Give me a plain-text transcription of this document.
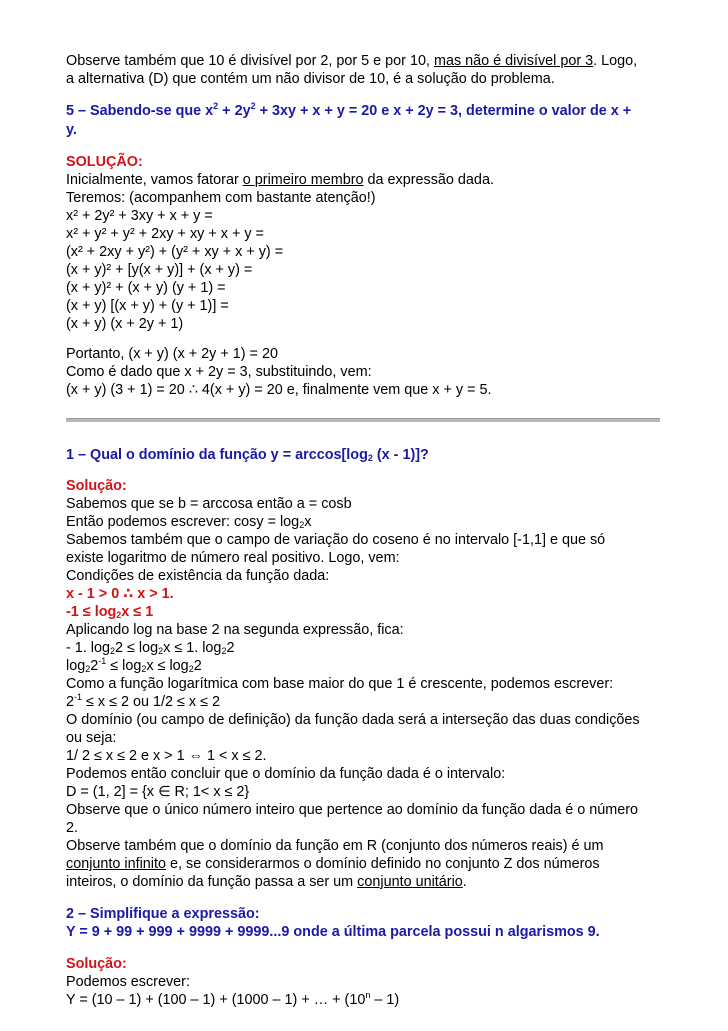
Observe também que 10 é divisível por 2, por 5 e por 10, mas não é divisível por 3. Logo,
a alternativa (D) que contém um não divisor de 10, é a solução do problema.
5 – Sabendo-se que $x^2 + 2y^2 + 3xy + x + y = 20$ e x + 2y = 3, determine o valor de x +
y.
SOLUÇÃO:
Inicialmente, vamos fatorar o primeiro membro da expressão dada.
Teremos: (acompanhem com bastante atenção!)
x² + 2y² + 3xy + x + y =
x² + y² + y² + 2xy + xy + x + y =
(x² + 2xy + y²) + (y² + xy + x + y) =
(x + y)² + [y(x + y)] + (x + y) =
(x + y)² + (x + y) (y + 1) =
(x + y) [(x + y) + (y + 1)] =
(x + y) (x + 2y + 1)
Portanto, (x + y) (x + 2y + 1) = 20
Como é dado que x + 2y = 3, substituindo, vem:
(x + y) (3 + 1) = 20 ∴ 4(x + y) = 20 e, finalmente vem que x + y = 5.
1 – Qual o domínio da função $y = \arccos[\log_2$ (x - 1)]?
Solução:
Sabemos que se b = arccosa então a = cosb
Então podemos escrever: $\cos y = \log_2x$
Sabemos também que o campo de variação do coseno é no intervalo [-1,1] e que só
existe logaritmo de número real positivo. Logo, vem:
Condições de existência da função dada:
x - 1 > 0 ∴ x > 1.
$-1 \le \log_2x \le 1$
Aplicando log na base 2 na segunda expressão, fica:
- 1. $\log_22 \le \log_2x \le 1$. $\log_22$
$\log_22^{-1} \le \log_2x \le \log_22$
Como a função logarítmica com base maior do que 1 é crescente, podemos escrever:
$2^{-1} \le x \le 2$ ou 1/2 ≤ x ≤ 2
O domínio (ou campo de definição) da função dada será a interseção das duas condições
ou seja:
1/ 2 ≤ x ≤ 2 e x > 1 ⇔ 1 < x ≤ 2.
Podemos então concluir que o domínio da função dada é o intervalo:
D = (1, 2] = {x ∈ R; 1< x ≤ 2}
Observe que o único número inteiro que pertence ao domínio da função dada é o número
2.
Observe também que o domínio da função em R (conjunto dos números reais) é um
conjunto infinito e, se considerarmos o domínio definido no conjunto Z dos números
inteiros, o domínio da função passa a ser um conjunto unitário.
2 – Simplifique a expressão:
Y = 9 + 99 + 999 + 9999 + 9999...9 onde a última parcela possui n algarismos 9.
Solução:
Podemos escrever:
Y = (10 – 1) + (100 – 1) + (1000 – 1) + … + $(10^n - 1)$
